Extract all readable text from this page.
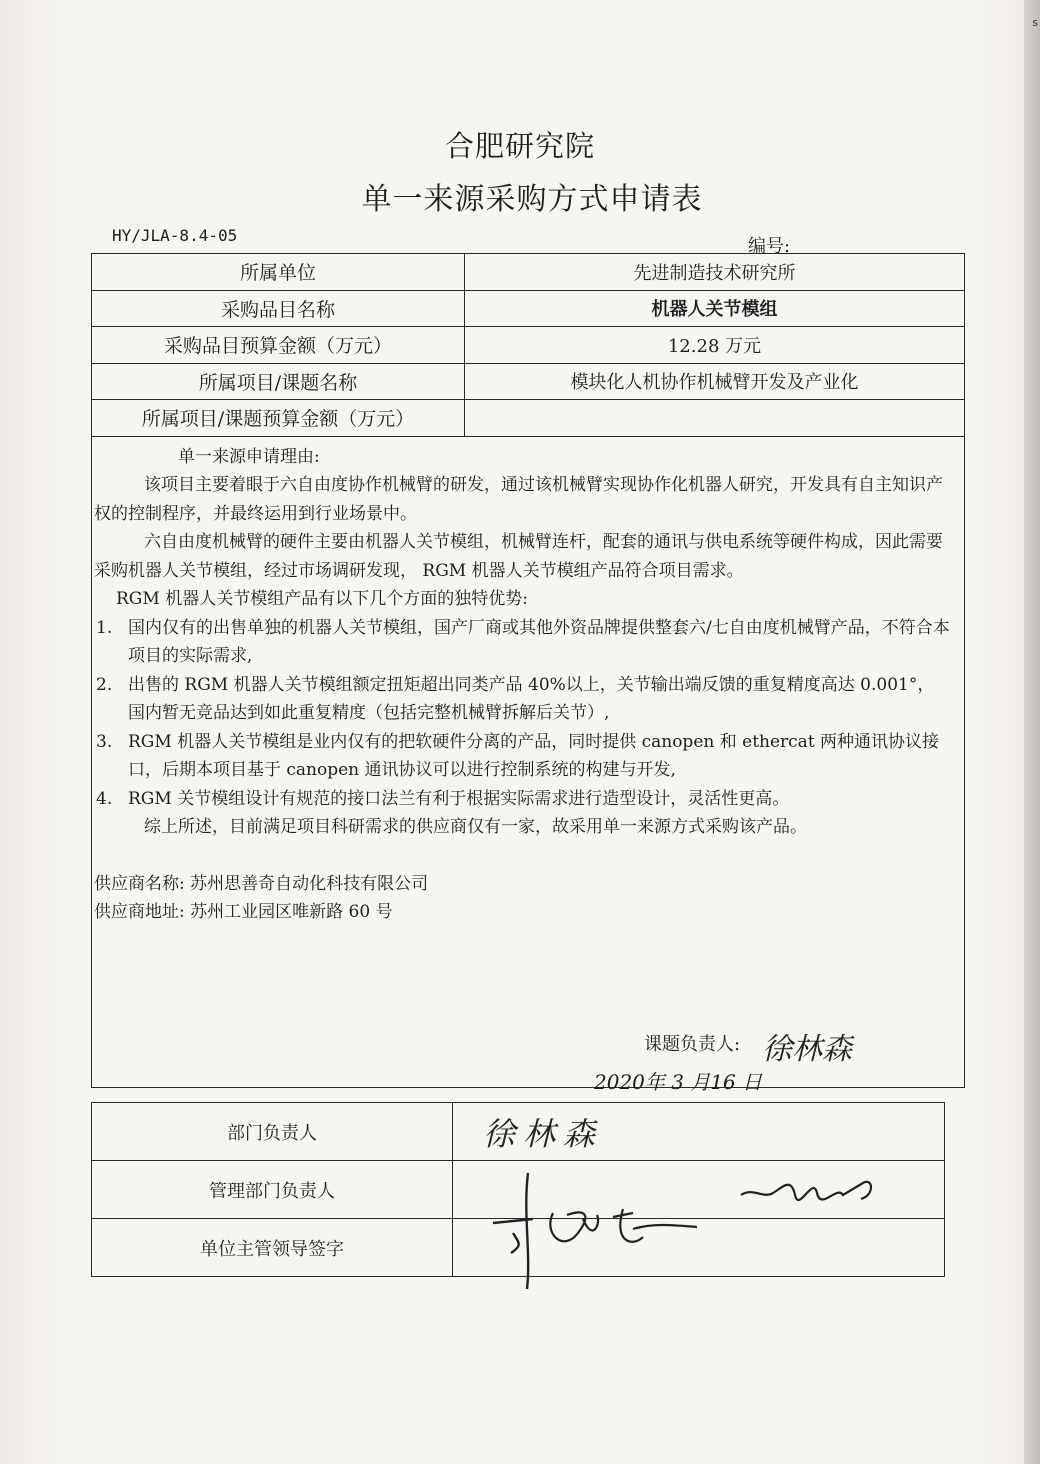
s
合肥研究院
单一来源采购方式申请表
HY/JLA-8.4-05
编号:
所属单位	先进制造技术研究所
采购品目名称	机器人关节模组
采购品目预算金额（万元）	12.28 万元
所属项目/课题名称	模块化人机协作机械臂开发及产业化
所属项目/课题预算金额（万元）	

单一来源申请理由:

该项目主要着眼于六自由度协作机械臂的研发，通过该机械臂实现协作化机器人研究，开发具有自主知识产权的控制程序，并最终运用到行业场景中。

六自由度机械臂的硬件主要由机器人关节模组，机械臂连杆，配套的通讯与供电系统等硬件构成，因此需要采购机器人关节模组，经过市场调研发现， RGM 机器人关节模组产品符合项目需求。

RGM 机器人关节模组产品有以下几个方面的独特优势:

1. 国内仅有的出售单独的机器人关节模组，国产厂商或其他外资品牌提供整套六/七自由度机械臂产品，不符合本项目的实际需求,
2. 出售的 RGM 机器人关节模组额定扭矩超出同类产品 40%以上，关节输出端反馈的重复精度高达 0.001°，国内暂无竞品达到如此重复精度（包括完整机械臂拆解后关节）,
3. RGM 机器人关节模组是业内仅有的把软硬件分离的产品，同时提供 canopen 和 ethercat 两种通讯协议接口，后期本项目基于 canopen 通讯协议可以进行控制系统的构建与开发,
4. RGM 关节模组设计有规范的接口法兰有利于根据实际需求进行造型设计，灵活性更高。

综上所述，目前满足项目科研需求的供应商仅有一家，故采用单一来源方式采购该产品。

供应商名称: 苏州思善奇自动化科技有限公司
供应商地址: 苏州工业园区唯新路 60 号
课题负责人: 徐林森
2020年 3 月16 日
部门负责人	徐林森
管理部门负责人	

单位主管领导签字	
